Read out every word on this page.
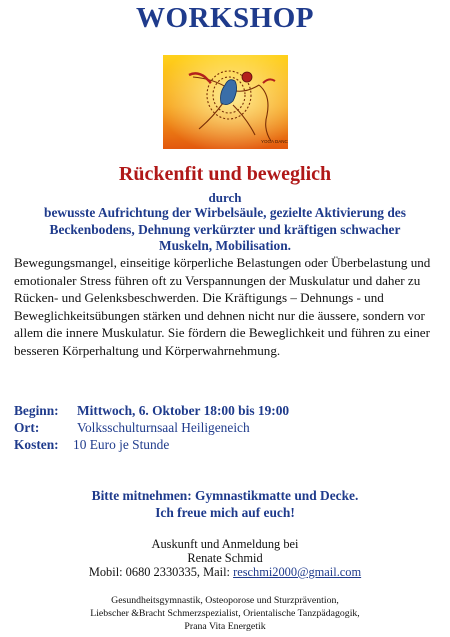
WORKSHOP
YOGA DANCE
Rückenfit und beweglich
durch
bewusste Aufrichtung der Wirbelsäule, gezielte Aktivierung des
Beckenbodens, Dehnung verkürzter und kräftigen schwacher
Muskeln, Mobilisation.
Bewegungsmangel, einseitige körperliche Belastungen oder Überbelastung und emotionaler Stress führen oft zu Verspannungen der Muskulatur und daher zu Rücken- und Gelenksbeschwerden. Die Kräftigungs – Dehnungs - und Beweglichkeitsübungen stärken und dehnen nicht nur die äussere, sondern vor allem die innere Muskulatur. Sie fördern die Beweglichkeit und führen zu einer besseren Körperhaltung und Körperwahrnehmung.
Beginn: Mittwoch, 6. Oktober 18:00 bis 19:00
Ort:	Volksschulturnsaal Heiligeneich
Kosten: 10 Euro je Stunde
Bitte mitnehmen: Gymnastikmatte und Decke.
Ich freue mich auf euch!
Auskunft und Anmeldung bei
Renate Schmid
Mobil: 0680 2330335, Mail: reschmi2000@gmail.com
Gesundheitsgymnastik, Osteoporose und Sturzprävention,
Liebscher &Bracht Schmerzspezialist, Orientalische Tanzpädagogik,
Prana Vita Energetik
